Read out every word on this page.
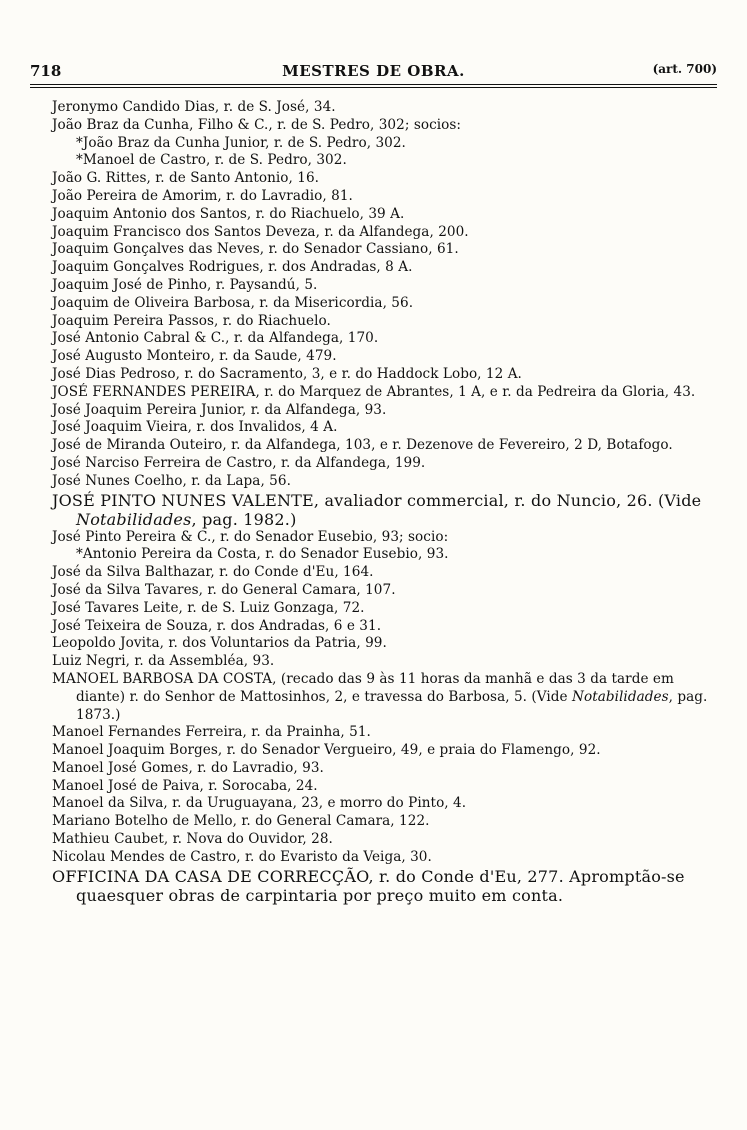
718	MESTRES DE OBRA.	(art. 700)
Jeronymo Candido Dias, r. de S. José, 34.
João Braz da Cunha, Filho & C., r. de S. Pedro, 302; socios:
*João Braz da Cunha Junior, r. de S. Pedro, 302.
*Manoel de Castro, r. de S. Pedro, 302.
João G. Rittes, r. de Santo Antonio, 16.
João Pereira de Amorim, r. do Lavradio, 81.
Joaquim Antonio dos Santos, r. do Riachuelo, 39 A.
Joaquim Francisco dos Santos Deveza, r. da Alfandega, 200.
Joaquim Gonçalves das Neves, r. do Senador Cassiano, 61.
Joaquim Gonçalves Rodrigues, r. dos Andradas, 8 A.
Joaquim José de Pinho, r. Paysandú, 5.
Joaquim de Oliveira Barbosa, r. da Misericordia, 56.
Joaquim Pereira Passos, r. do Riachuelo.
José Antonio Cabral & C., r. da Alfandega, 170.
José Augusto Monteiro, r. da Saude, 479.
José Dias Pedroso, r. do Sacramento, 3, e r. do Haddock Lobo, 12 A.
JOSÉ FERNANDES PEREIRA, r. do Marquez de Abrantes, 1 A, e r. da Pedreira da Gloria, 43.
José Joaquim Pereira Junior, r. da Alfandega, 93.
José Joaquim Vieira, r. dos Invalidos, 4 A.
José de Miranda Outeiro, r. da Alfandega, 103, e r. Dezenove de Fevereiro, 2 D, Botafogo.
José Narciso Ferreira de Castro, r. da Alfandega, 199.
José Nunes Coelho, r. da Lapa, 56.
JOSÉ PINTO NUNES VALENTE, avaliador commercial, r. do Nuncio, 26. (Vide Notabilidades, pag. 1982.)
José Pinto Pereira & C., r. do Senador Eusebio, 93; socio:
*Antonio Pereira da Costa, r. do Senador Eusebio, 93.
José da Silva Balthazar, r. do Conde d'Eu, 164.
José da Silva Tavares, r. do General Camara, 107.
José Tavares Leite, r. de S. Luiz Gonzaga, 72.
José Teixeira de Souza, r. dos Andradas, 6 e 31.
Leopoldo Jovita, r. dos Voluntarios da Patria, 99.
Luiz Negri, r. da Assembléa, 93.
MANOEL BARBOSA DA COSTA, (recado das 9 às 11 horas da manhã e das 3 da tarde em diante) r. do Senhor de Mattosinhos, 2, e travessa do Barbosa, 5. (Vide Notabilidades, pag. 1873.)
Manoel Fernandes Ferreira, r. da Prainha, 51.
Manoel Joaquim Borges, r. do Senador Vergueiro, 49, e praia do Flamengo, 92.
Manoel José Gomes, r. do Lavradio, 93.
Manoel José de Paiva, r. Sorocaba, 24.
Manoel da Silva, r. da Uruguayana, 23, e morro do Pinto, 4.
Mariano Botelho de Mello, r. do General Camara, 122.
Mathieu Caubet, r. Nova do Ouvidor, 28.
Nicolau Mendes de Castro, r. do Evaristo da Veiga, 30.
OFFICINA DA CASA DE CORRECÇÃO, r. do Conde d'Eu, 277. Apromptão-se quaesquer obras de carpintaria por preço muito em conta.
